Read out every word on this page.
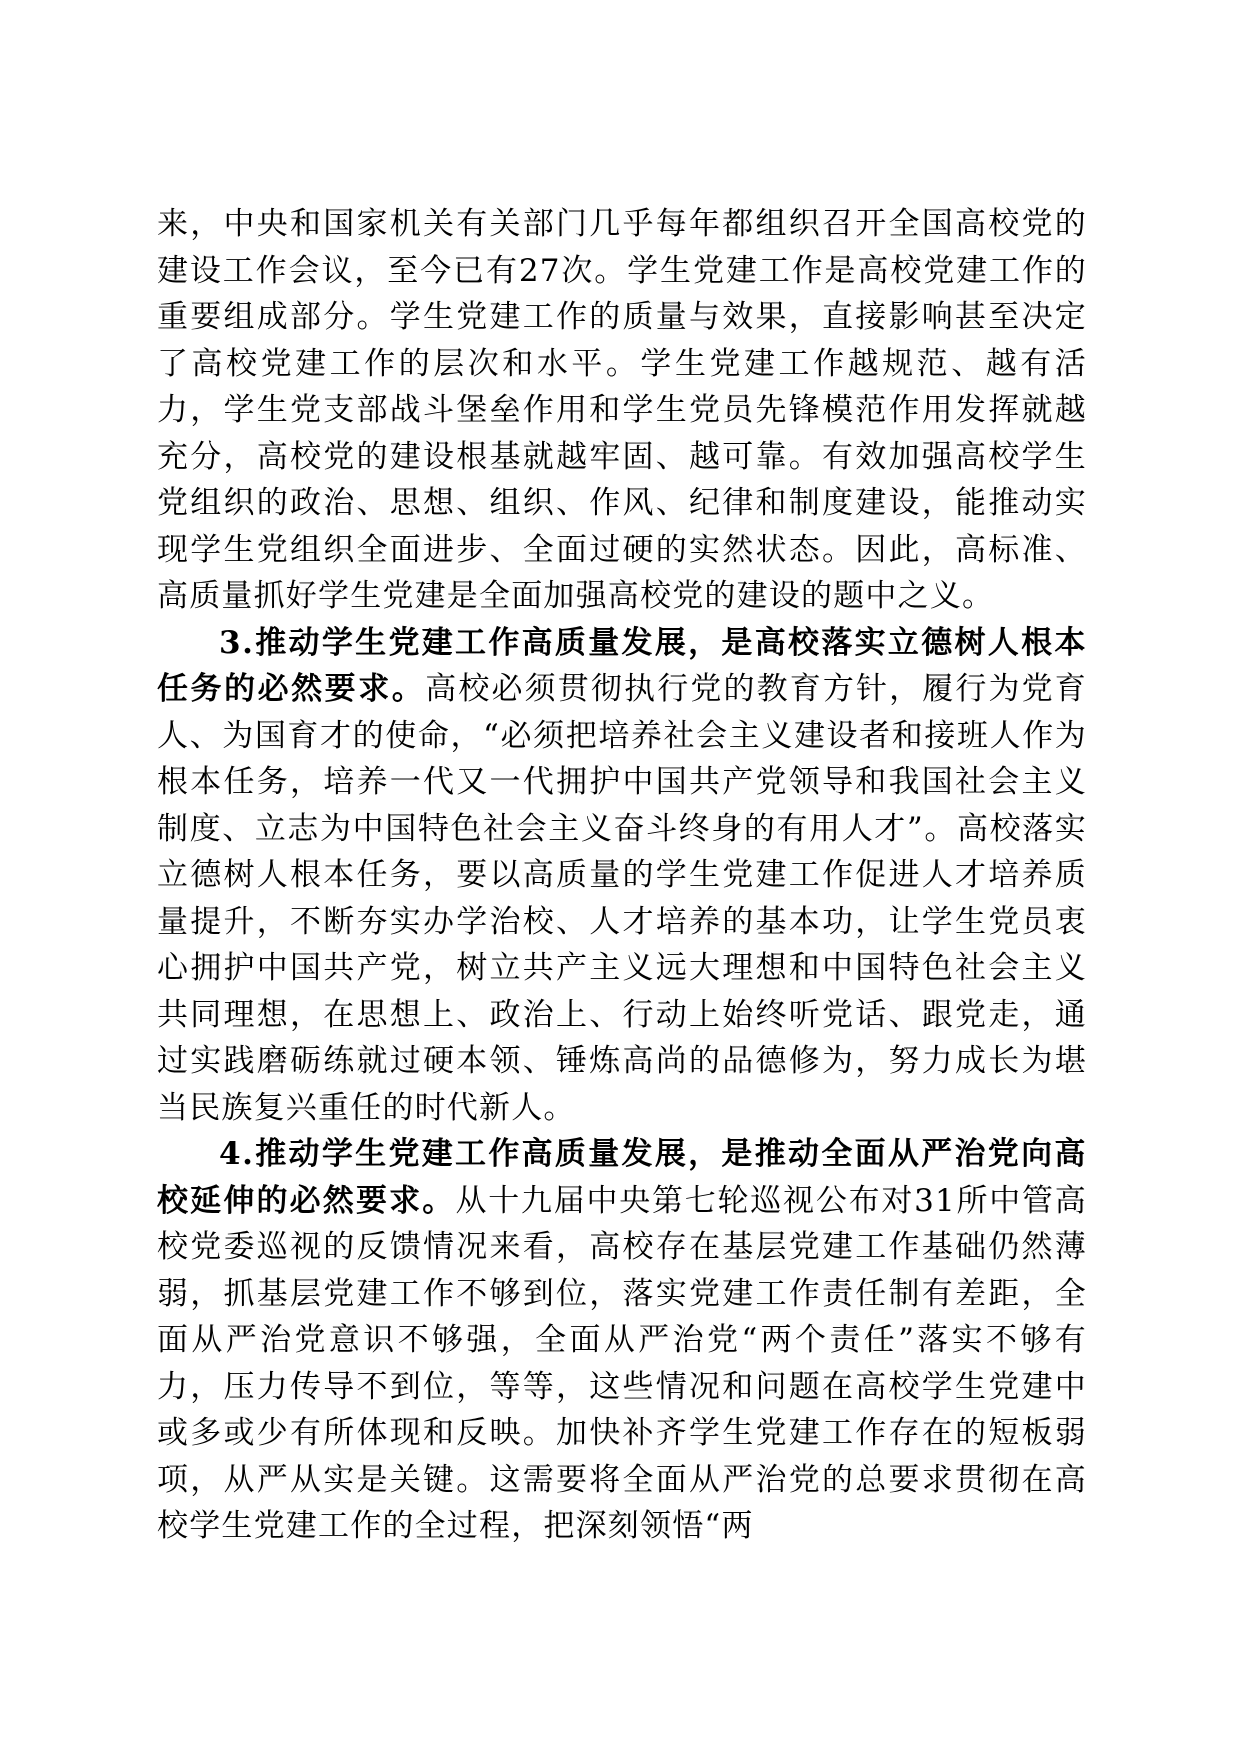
来，中央和国家机关有关部门几乎每年都组织召开全国高校党的建设工作会议，至今已有27次。学生党建工作是高校党建工作的重要组成部分。学生党建工作的质量与效果，直接影响甚至决定了高校党建工作的层次和水平。学生党建工作越规范、越有活力，学生党支部战斗堡垒作用和学生党员先锋模范作用发挥就越充分，高校党的建设根基就越牢固、越可靠。有效加强高校学生党组织的政治、思想、组织、作风、纪律和制度建设，能推动实现学生党组织全面进步、全面过硬的实然状态。因此，高标准、高质量抓好学生党建是全面加强高校党的建设的题中之义。

3.推动学生党建工作高质量发展，是高校落实立德树人根本任务的必然要求。高校必须贯彻执行党的教育方针，履行为党育人、为国育才的使命，“必须把培养社会主义建设者和接班人作为根本任务，培养一代又一代拥护中国共产党领导和我国社会主义制度、立志为中国特色社会主义奋斗终身的有用人才”。高校落实立德树人根本任务，要以高质量的学生党建工作促进人才培养质量提升，不断夯实办学治校、人才培养的基本功，让学生党员衷心拥护中国共产党，树立共产主义远大理想和中国特色社会主义共同理想，在思想上、政治上、行动上始终听党话、跟党走，通过实践磨砺练就过硬本领、锤炼高尚的品德修为，努力成长为堪当民族复兴重任的时代新人。

4.推动学生党建工作高质量发展，是推动全面从严治党向高校延伸的必然要求。从十九届中央第七轮巡视公布对31所中管高校党委巡视的反馈情况来看，高校存在基层党建工作基础仍然薄弱，抓基层党建工作不够到位，落实党建工作责任制有差距，全面从严治党意识不够强，全面从严治党“两个责任”落实不够有力，压力传导不到位，等等，这些情况和问题在高校学生党建中或多或少有所体现和反映。加快补齐学生党建工作存在的短板弱项，从严从实是关键。这需要将全面从严治党的总要求贯彻在高校学生党建工作的全过程，把深刻领悟“两
